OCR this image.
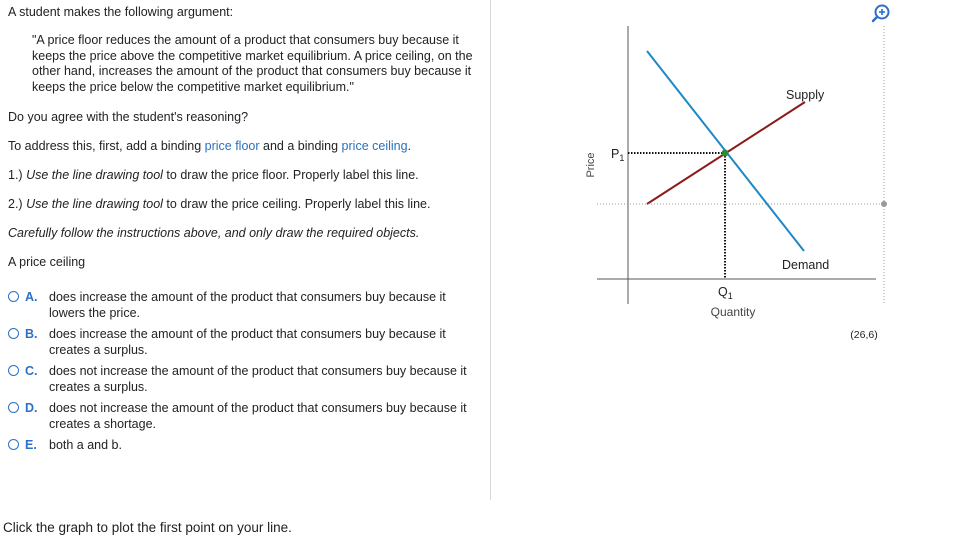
A student makes the following argument:
"A price floor reduces the amount of a product that consumers buy because it keeps the price above the competitive market equilibrium. A price ceiling, on the other hand, increases the amount of the product that consumers buy because it keeps the price below the competitive market equilibrium."
Do you agree with the student's reasoning?
To address this, first, add a binding price floor and a binding price ceiling.
1.) Use the line drawing tool to draw the price floor. Properly label this line.
2.) Use the line drawing tool to draw the price ceiling. Properly label this line.
Carefully follow the instructions above, and only draw the required objects.
A price ceiling
A. does increase the amount of the product that consumers buy because it lowers the price.
B. does increase the amount of the product that consumers buy because it creates a surplus.
C. does not increase the amount of the product that consumers buy because it creates a surplus.
D. does not increase the amount of the product that consumers buy because it creates a shortage.
E. both a and b.
Price
Quantity
Supply
Demand
$P_1$
$Q_1$
(26,6)
Click the graph to plot the first point on your line.
